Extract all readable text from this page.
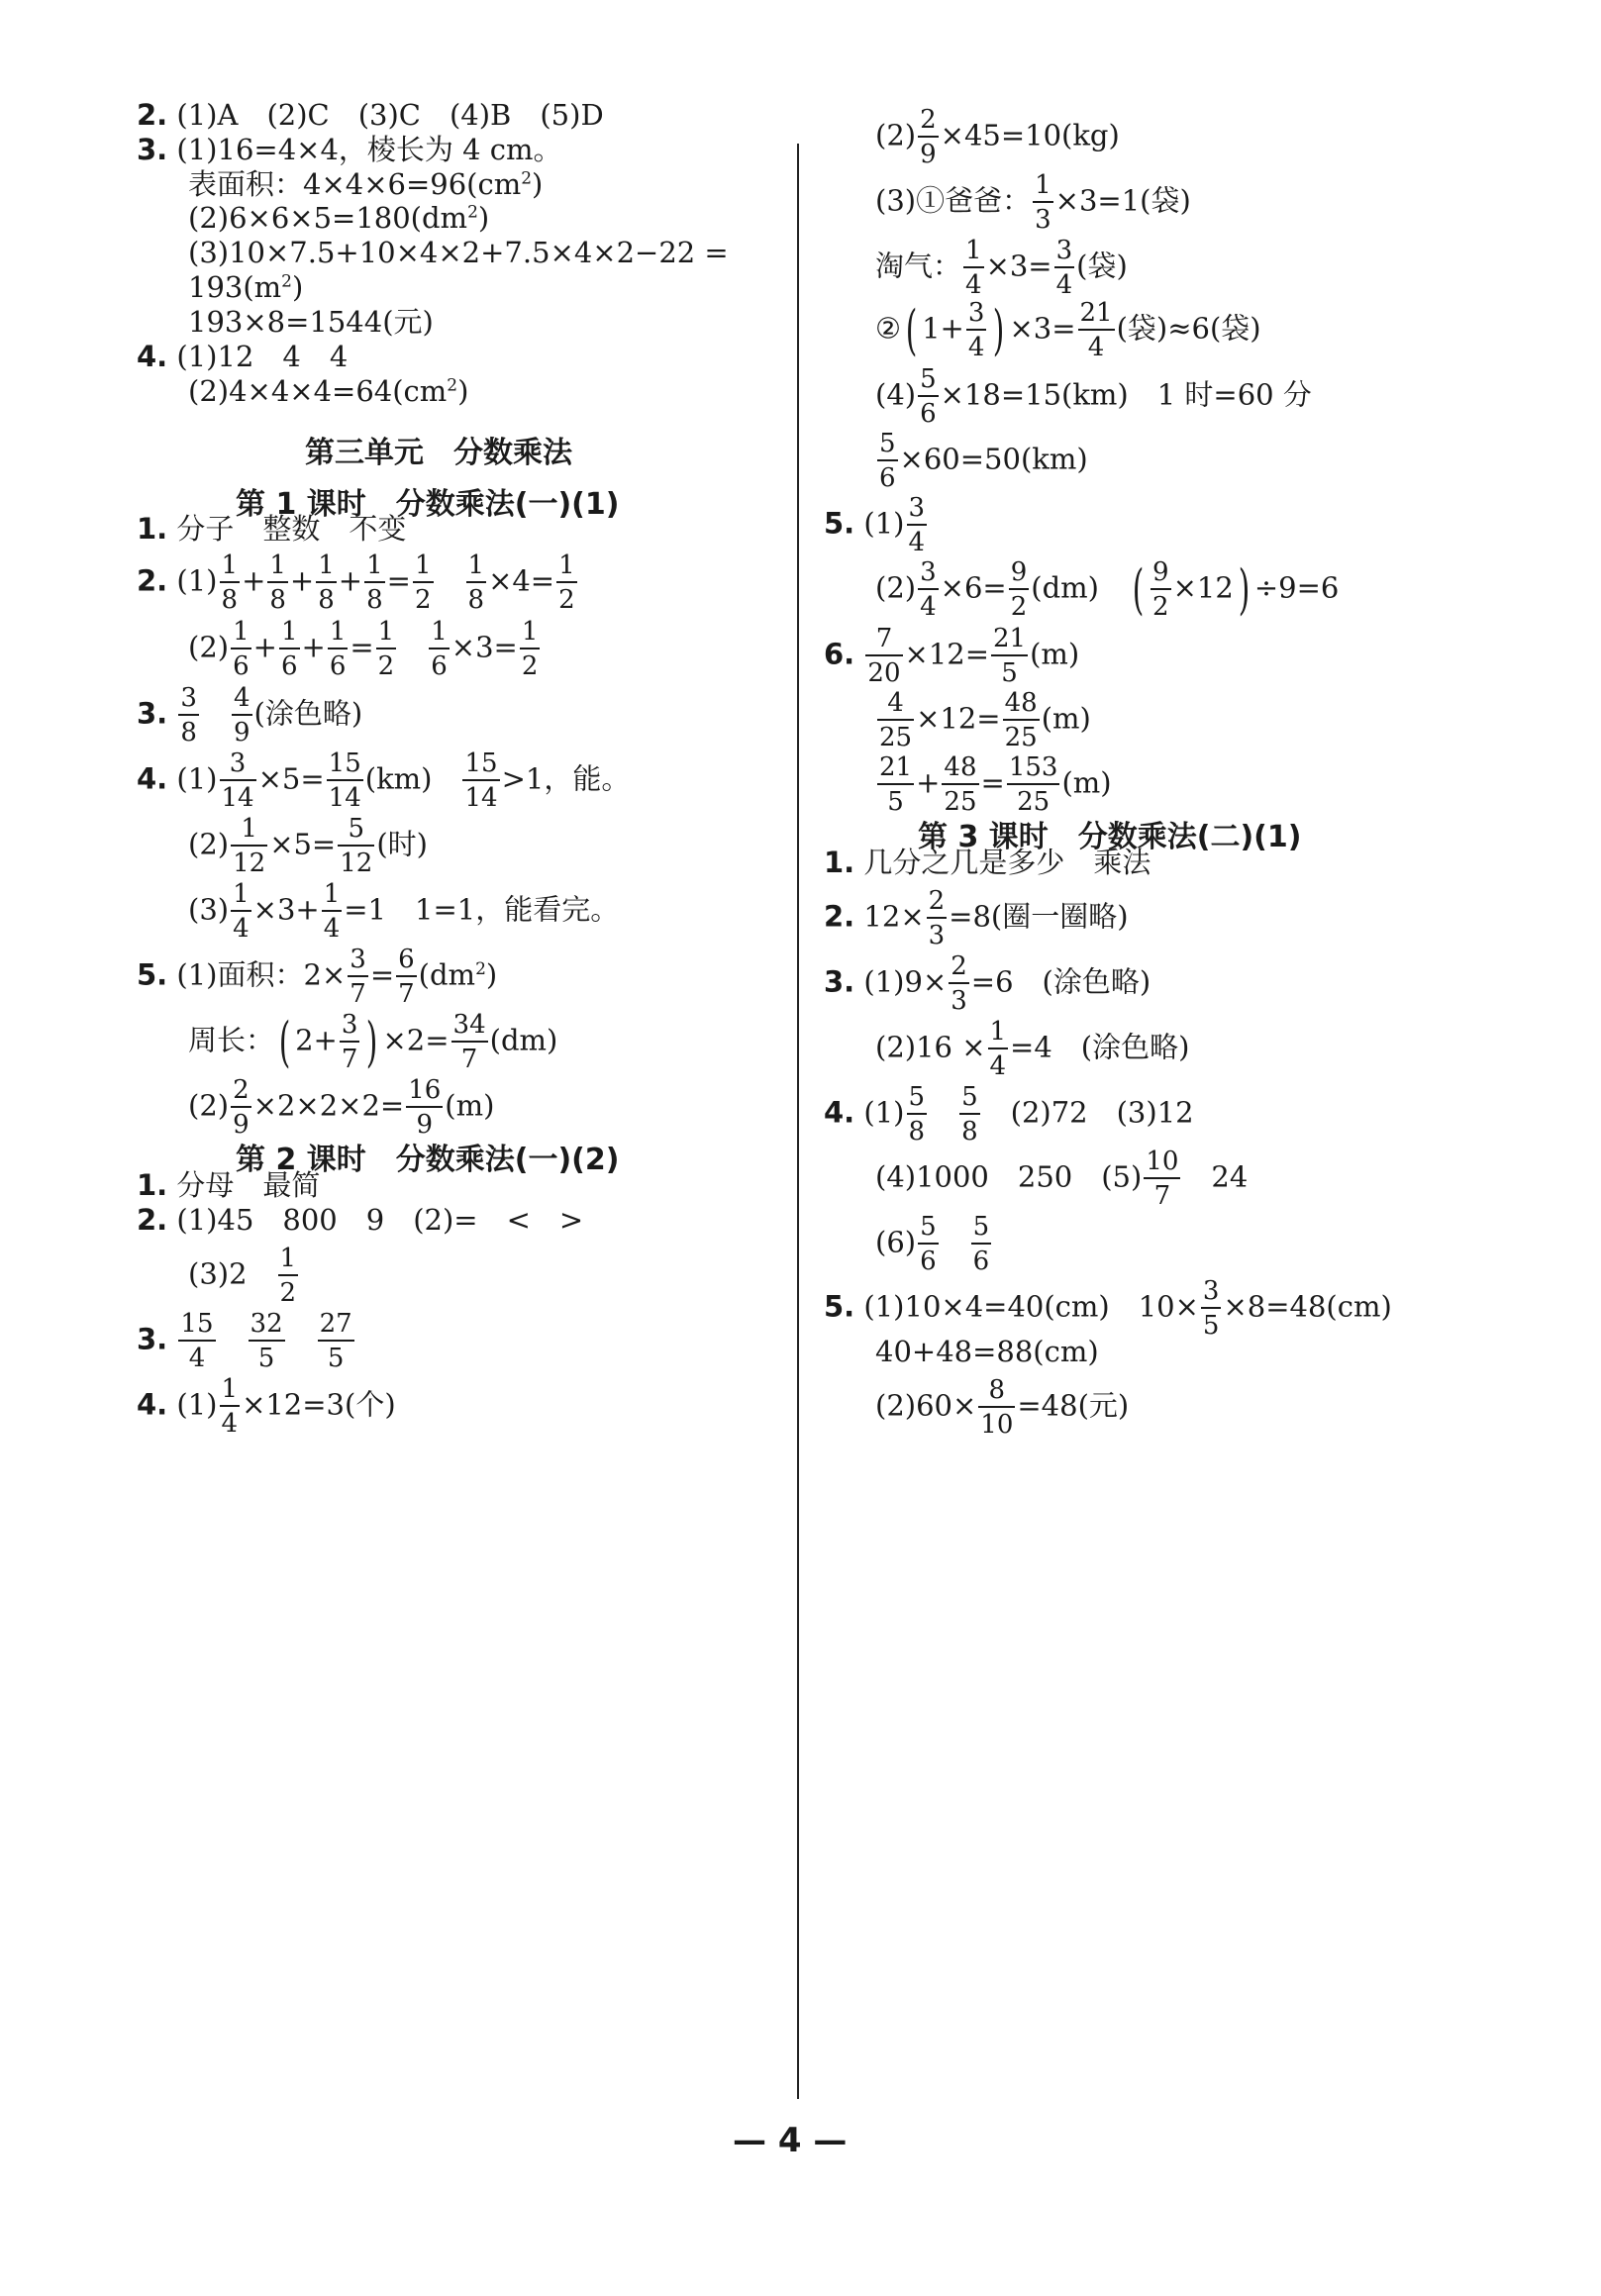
2. (1)A　(2)C　(3)C　(4)B　(5)D
3. (1)16=4×4，棱长为 4 cm。
表面积：$4\times 4\times 6=96(cm^2)$
$(2)6\times 6\times 5=180(dm^2)$
(3)10×7.5+10×4×2+7.5×4×2−22 =
$193(m^2)$
193×8=1544(元)
4. (1)12　4　4
$(2)4\times 4\times 4=64(cm^2)$
第三单元　分数乘法
第 1 课时　分数乘法(一)(1)
1. 分子　整数　不变
2. $(1) \frac{1}{8} + \frac{1}{8} + \frac{1}{8} + \frac{1}{8} = \frac{1}{2}$
　 $\frac{1}{8} \times 4= \frac{1}{2}$
$(2) \frac{1}{6} + \frac{1}{6} + \frac{1}{6} = \frac{1}{2}$
　 $\frac{1}{6} \times 3= \frac{1}{2}$
3. $\frac{3}{8}$
　 $\frac{4}{9}$ (涂色略)
4. $(1) \frac{3}{14} \times 5= \frac{15}{14} (km)$　 $\frac{15}{14} >1$，能。
$(2) \frac{1}{12} \times 5= \frac{5}{12}$ (时)
$(3) \frac{1}{4} \times 3+ \frac{1}{4} =1$　1=1，能看完。
5. (1)面积：$2\times \frac{3}{7} = \frac{6}{7} (dm^2)$
周长：( $2+ \frac{3}{7}$ ) $\times 2= \frac{34}{7} (dm)$
$(2) \frac{2}{9} \times 2\times 2\times 2= \frac{16}{9} (m)$
第 2 课时　分数乘法(一)(2)
1. 分母　最简
2. (1)45　800　9　(2)=　<　>
(3)2　 $\frac{1}{2}$
3. $\frac{15}{4}$
　 $\frac{32}{5}$
　 $\frac{27}{5}$
4. $(1) \frac{1}{4} \times 12=3$(个)
$(2) \frac{2}{9} \times 45=10(kg)$
(3)①爸爸： $\frac{1}{3} \times 3=1$(袋)
淘气： $\frac{1}{4} \times 3= \frac{3}{4}$ (袋)
②( $1+ \frac{3}{4}$ ) $\times 3= \frac{21}{4}$ (袋)≈6(袋)
$(4) \frac{5}{6} \times 18=15(km)$　1 时=60 分
$\frac{5}{6} \times 60=50(km)$
5. $(1) \frac{3}{4}$
$(2) \frac{3}{4} \times 6= \frac{9}{2} (dm)$　 ( $\frac{9}{2} \times 12) \div 9=6$
6. $\frac{7}{20} \times 12= \frac{21}{5} (m)$
$\frac{4}{25} \times 12= \frac{48}{25} (m)$
$\frac{21}{5} + \frac{48}{25} = \frac{153}{25} (m)$
第 3 课时　分数乘法(二)(1)
1. 几分之几是多少　乘法
2. $12\times \frac{2}{3} =8$(圈一圈略)
3. $(1)9\times \frac{2}{3} =6$　(涂色略)
$(2)16 \times \frac{1}{4} =4$　(涂色略)
4. $(1) \frac{5}{8}$
　 $\frac{5}{8}$
　 (2)72　(3)12
(4)1000　250　$(5) \frac{10}{7}$
　 24
$(6) \frac{5}{6}$
　 $\frac{5}{6}$
5. (1)10×4=40(cm)　$10\times \frac{3}{5} \times 8=48(cm)$
40+48=88(cm)
$(2)60\times \frac{8}{10} =48$(元)
— 4 —
